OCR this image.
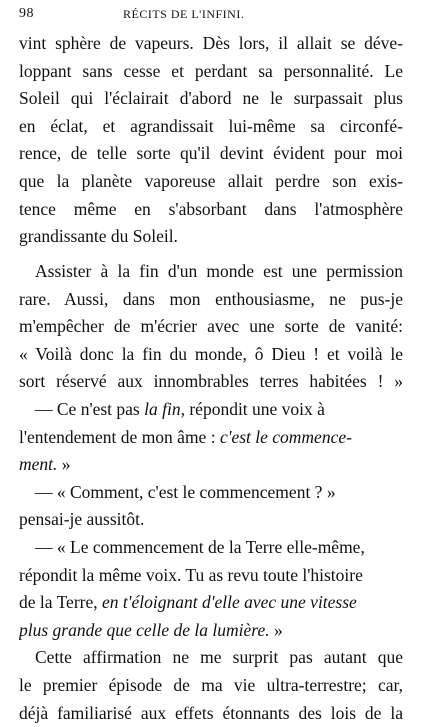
98	RÉCITS DE L'INFINI.
vint sphère de vapeurs. Dès lors, il allait se déve-
loppant sans cesse et perdant sa personnalité. Le
Soleil qui l'éclairait d'abord ne le surpassait plus
en éclat, et agrandissait lui-même sa circonfé-
rence, de telle sorte qu'il devint évident pour moi
que la planète vaporeuse allait perdre son exis-
tence même en s'absorbant dans l'atmosphère
grandissante du Soleil.
Assister à la fin d'un monde est une permission
rare. Aussi, dans mon enthousiasme, ne pus-je
m'empêcher de m'écrier avec une sorte de vanité:
« Voilà donc la fin du monde, ô Dieu ! et voilà le
sort réservé aux innombrables terres habitées ! »
— Ce n'est pas la fin, répondit une voix à
l'entendement de mon âme : c'est le commence-
ment. »
— « Comment, c'est le commencement ? »
pensai-je aussitôt.
— « Le commencement de la Terre elle-même,
répondit la même voix. Tu as revu toute l'histoire
de la Terre, en t'éloignant d'elle avec une vitesse
plus grande que celle de la lumière. »
Cette affirmation ne me surprit pas autant que
le premier épisode de ma vie ultra-terrestre; car,
déjà familiarisé aux effets étonnants des lois de la
